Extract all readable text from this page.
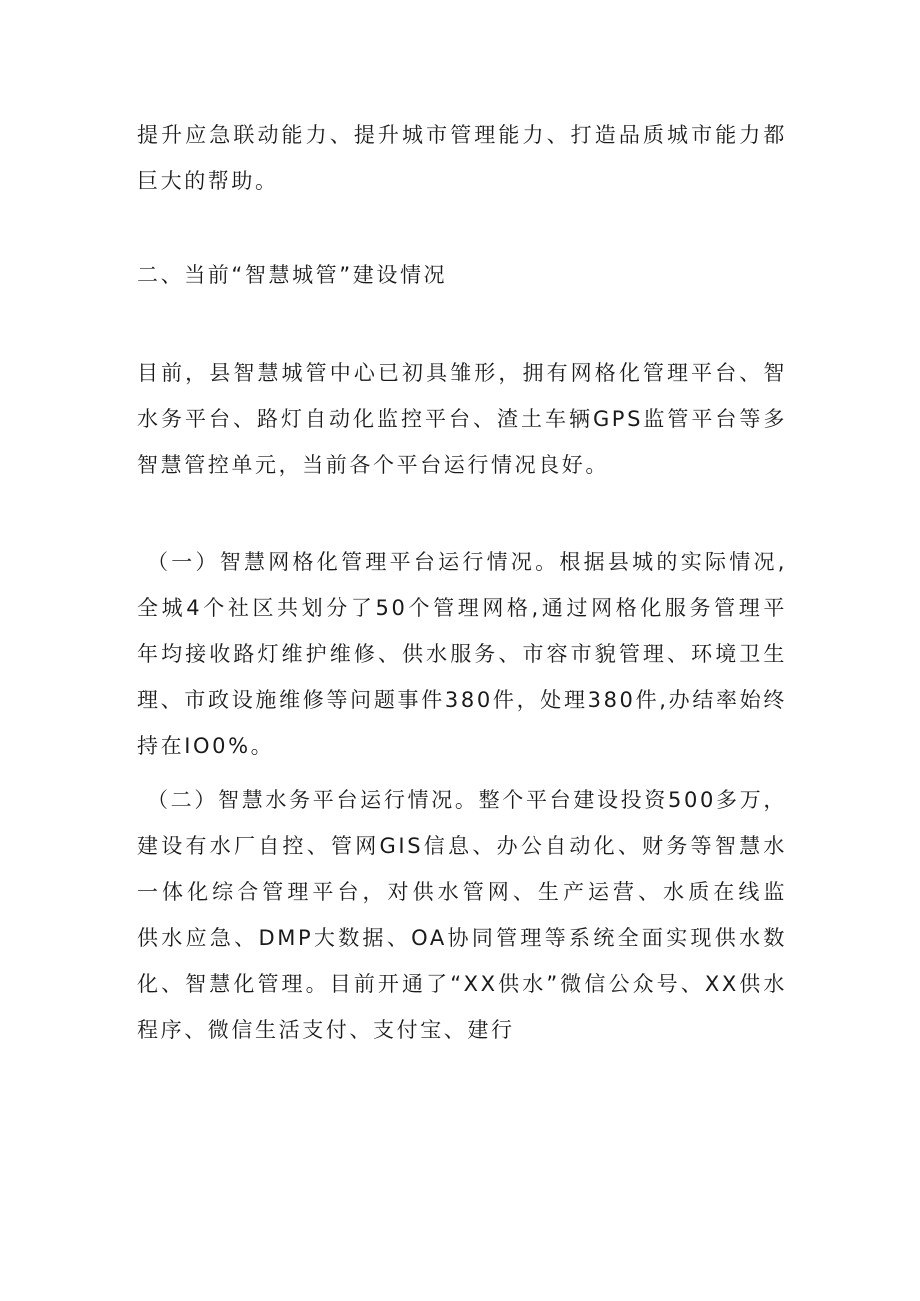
提升应急联动能力、提升城市管理能力、打造品质城市能力都
巨大的帮助。
二、当前“智慧城管”建设情况
目前，县智慧城管中心已初具雏形，拥有网格化管理平台、智
水务平台、路灯自动化监控平台、渣土车辆GPS监管平台等多
智慧管控单元，当前各个平台运行情况良好。
（一）智慧网格化管理平台运行情况。根据县城的实际情况,
全城4个社区共划分了50个管理网格,通过网格化服务管理平
年均接收路灯维护维修、供水服务、市容市貌管理、环境卫生
理、市政设施维修等问题事件380件，处理380件,办结率始终
持在IO0%。
（二）智慧水务平台运行情况。整个平台建设投资500多万，
建设有水厂自控、管网GIS信息、办公自动化、财务等智慧水
一体化综合管理平台，对供水管网、生产运营、水质在线监
供水应急、DMP大数据、OA协同管理等系统全面实现供水数
化、智慧化管理。目前开通了“XX供水”微信公众号、XX供水
程序、微信生活支付、支付宝、建行
